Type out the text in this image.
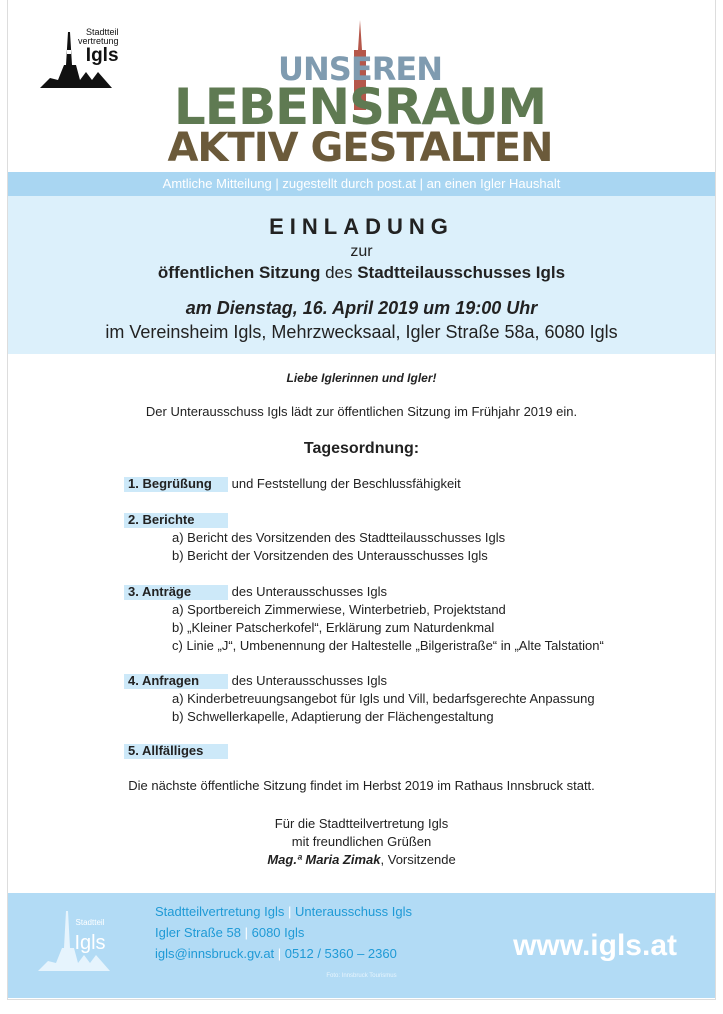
Stadtteil
vertretung
Igls	UNSEREN
LEBENSRAUM
AKTIV GESTALTEN
Amtliche Mitteilung | zugestellt durch post.at | an einen Igler Haushalt
EINLADUNG
zur
öffentlichen Sitzung des Stadtteilausschusses Igls
am Dienstag, 16. April 2019 um 19:00 Uhr
im Vereinsheim Igls, Mehrzwecksaal, Igler Straße 58a, 6080 Igls
Liebe Iglerinnen und Igler!
Der Unterausschuss Igls lädt zur öffentlichen Sitzung im Frühjahr 2019 ein.
Tagesordnung:
1. Begrüßung und Feststellung der Beschlussfähigkeit
2. Berichte
a) Bericht des Vorsitzenden des Stadtteilausschusses Igls
b) Bericht der Vorsitzenden des Unterausschusses Igls
3. Anträge	des Unterausschusses Igls
a) Sportbereich Zimmerwiese, Winterbetrieb, Projektstand
b) „Kleiner Patscherkofel“, Erklärung zum Naturdenkmal
c) Linie „J“, Umbenennung der Haltestelle „Bilgeristraße“ in „Alte Talstation“
4. Anfragen des Unterausschusses Igls
a) Kinderbetreuungsangebot für Igls und Vill, bedarfsgerechte Anpassung
b) Schwellerkapelle, Adaptierung der Flächengestaltung
5. Allfälliges
Die nächste öffentliche Sitzung findet im Herbst 2019 im Rathaus Innsbruck statt.
Für die Stadtteilvertretung Igls
mit freundlichen Grüßen
Mag.ª Maria Zimak, Vorsitzende
Stadtteil
Igls
Stadtteilvertretung Igls | Unterausschuss Igls
Igler Straße 58 | 6080 Igls
igls@innsbruck.gv.at | 0512 / 5360 – 2360	www.igls.at
Foto: Innsbruck Tourismus
